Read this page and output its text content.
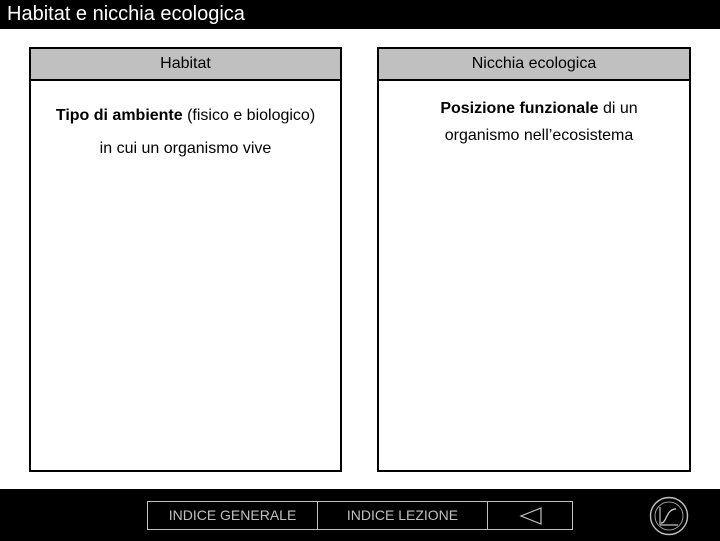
Habitat e nicchia ecologica
Habitat
Tipo di ambiente (fisico e biologico)
in cui un organismo vive
Nicchia ecologica
Posizione funzionale di un
organismo nell’ecosistema
INDICE GENERALE	INDICE LEZIONE
